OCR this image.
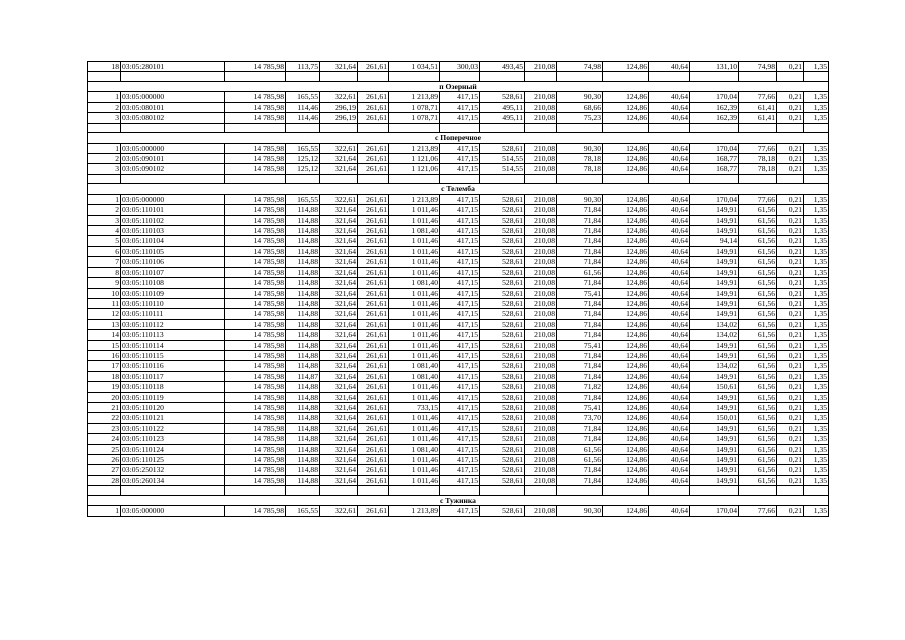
18	03:05:280101	14 785,98	113,75	321,64	261,61	1 034,51	300,03	493,45	210,08	74,98	124,86	40,64	131,10	74,98	0,21	1,35

п Озерный																
1	03:05:000000	14 785,98	165,55	322,61	261,61	1 213,89	417,15	528,61	210,08	90,30	124,86	40,64	170,04	77,66	0,21	1,35
2	03:05:080101	14 785,98	114,46	296,19	261,61	1 078,71	417,15	495,11	210,08	68,66	124,86	40,64	162,39	61,41	0,21	1,35
3	03:05:080102	14 785,98	114,46	296,19	261,61	1 078,71	417,15	495,11	210,08	75,23	124,86	40,64	162,39	61,41	0,21	1,35

с Поперечное																
1	03:05:000000	14 785,98	165,55	322,61	261,61	1 213,89	417,15	528,61	210,08	90,30	124,86	40,64	170,04	77,66	0,21	1,35
2	03:05:090101	14 785,98	125,12	321,64	261,61	1 121,06	417,15	514,55	210,08	78,18	124,86	40,64	168,77	78,18	0,21	1,35
3	03:05:090102	14 785,98	125,12	321,64	261,61	1 121,06	417,15	514,55	210,08	78,18	124,86	40,64	168,77	78,18	0,21	1,35

с Телемба																
1	03:05:000000	14 785,98	165,55	322,61	261,61	1 213,89	417,15	528,61	210,08	90,30	124,86	40,64	170,04	77,66	0,21	1,35
2	03:05:110101	14 785,98	114,88	321,64	261,61	1 011,46	417,15	528,61	210,08	71,84	124,86	40,64	149,91	61,56	0,21	1,35
3	03:05:110102	14 785,98	114,88	321,64	261,61	1 011,46	417,15	528,61	210,08	71,84	124,86	40,64	149,91	61,56	0,21	1,35
4	03:05:110103	14 785,98	114,88	321,64	261,61	1 081,40	417,15	528,61	210,08	71,84	124,86	40,64	149,91	61,56	0,21	1,35
5	03:05:110104	14 785,98	114,88	321,64	261,61	1 011,46	417,15	528,61	210,08	71,84	124,86	40,64	94,14	61,56	0,21	1,35
6	03:05:110105	14 785,98	114,88	321,64	261,61	1 011,46	417,15	528,61	210,08	71,84	124,86	40,64	149,91	61,56	0,21	1,35
7	03:05:110106	14 785,98	114,88	321,64	261,61	1 011,46	417,15	528,61	210,08	71,84	124,86	40,64	149,91	61,56	0,21	1,35
8	03:05:110107	14 785,98	114,88	321,64	261,61	1 011,46	417,15	528,61	210,08	61,56	124,86	40,64	149,91	61,56	0,21	1,35
9	03:05:110108	14 785,98	114,88	321,64	261,61	1 081,40	417,15	528,61	210,08	71,84	124,86	40,64	149,91	61,56	0,21	1,35
10	03:05:110109	14 785,98	114,88	321,64	261,61	1 011,46	417,15	528,61	210,08	75,41	124,86	40,64	149,91	61,56	0,21	1,35
11	03:05:110110	14 785,98	114,88	321,64	261,61	1 011,46	417,15	528,61	210,08	71,84	124,86	40,64	149,91	61,56	0,21	1,35
12	03:05:110111	14 785,98	114,88	321,64	261,61	1 011,46	417,15	528,61	210,08	71,84	124,86	40,64	149,91	61,56	0,21	1,35
13	03:05:110112	14 785,98	114,88	321,64	261,61	1 011,46	417,15	528,61	210,08	71,84	124,86	40,64	134,02	61,56	0,21	1,35
14	03:05:110113	14 785,98	114,88	321,64	261,61	1 011,46	417,15	528,61	210,08	71,84	124,86	40,64	134,02	61,56	0,21	1,35
15	03:05:110114	14 785,98	114,88	321,64	261,61	1 011,46	417,15	528,61	210,08	75,41	124,86	40,64	149,91	61,56	0,21	1,35
16	03:05:110115	14 785,98	114,88	321,64	261,61	1 011,46	417,15	528,61	210,08	71,84	124,86	40,64	149,91	61,56	0,21	1,35
17	03:05:110116	14 785,98	114,88	321,64	261,61	1 081,40	417,15	528,61	210,08	71,84	124,86	40,64	134,02	61,56	0,21	1,35
18	03:05:110117	14 785,98	114,87	321,64	261,61	1 081,40	417,15	528,61	210,08	71,84	124,86	40,64	149,91	61,56	0,21	1,35
19	03:05:110118	14 785,98	114,88	321,64	261,61	1 011,46	417,15	528,61	210,08	71,82	124,86	40,64	150,61	61,56	0,21	1,35
20	03:05:110119	14 785,98	114,88	321,64	261,61	1 011,46	417,15	528,61	210,08	71,84	124,86	40,64	149,91	61,56	0,21	1,35
21	03:05:110120	14 785,98	114,88	321,64	261,61	733,15	417,15	528,61	210,08	75,41	124,86	40,64	149,91	61,56	0,21	1,35
22	03:05:110121	14 785,98	114,88	321,64	261,61	1 011,46	417,15	528,61	210,08	73,70	124,86	40,64	150,01	61,56	0,21	1,35
23	03:05:110122	14 785,98	114,88	321,64	261,61	1 011,46	417,15	528,61	210,08	71,84	124,86	40,64	149,91	61,56	0,21	1,35
24	03:05:110123	14 785,98	114,88	321,64	261,61	1 011,46	417,15	528,61	210,08	71,84	124,86	40,64	149,91	61,56	0,21	1,35
25	03:05:110124	14 785,98	114,88	321,64	261,61	1 081,40	417,15	528,61	210,08	61,56	124,86	40,64	149,91	61,56	0,21	1,35
26	03:05:110125	14 785,98	114,88	321,64	261,61	1 011,46	417,15	528,61	210,08	61,56	124,86	40,64	149,91	61,56	0,21	1,35
27	03:05:250132	14 785,98	114,88	321,64	261,61	1 011,46	417,15	528,61	210,08	71,84	124,86	40,64	149,91	61,56	0,21	1,35
28	03:05:260134	14 785,98	114,88	321,64	261,61	1 011,46	417,15	528,61	210,08	71,84	124,86	40,64	149,91	61,56	0,21	1,35

с Тужинка																
1	03:05:000000	14 785,98	165,55	322,61	261,61	1 213,89	417,15	528,61	210,08	90,30	124,86	40,64	170,04	77,66	0,21	1,35
